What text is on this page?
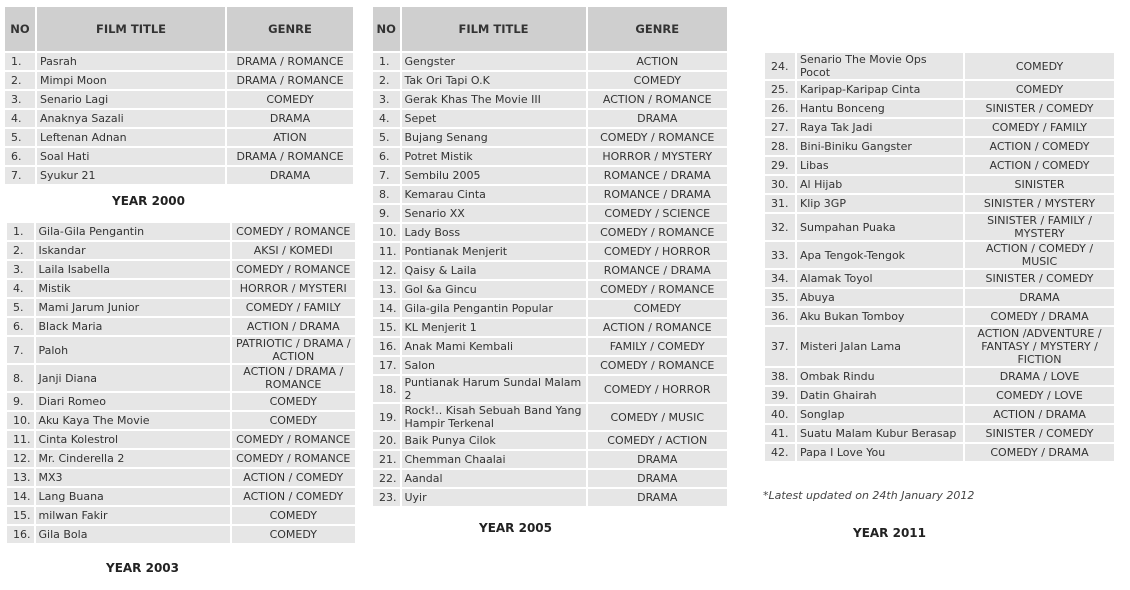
NO	FILM TITLE	GENRE
1.	Pasrah	DRAMA / ROMANCE
2.	Mimpi Moon	DRAMA / ROMANCE
3.	Senario Lagi	COMEDY
4.	Anaknya Sazali	DRAMA
5.	Leftenan Adnan	ATION
6.	Soal Hati	DRAMA / ROMANCE
7.	Syukur 21	DRAMA
YEAR 2000
1.	Gila-Gila Pengantin	COMEDY / ROMANCE
2.	Iskandar	AKSI / KOMEDI
3.	Laila Isabella	COMEDY / ROMANCE
4.	Mistik	HORROR / MYSTERI
5.	Mami Jarum Junior	COMEDY / FAMILY
6.	Black Maria	ACTION / DRAMA
7.	Paloh	PATRIOTIC / DRAMA / ACTION
8.	Janji Diana	ACTION / DRAMA / ROMANCE
9.	Diari Romeo	COMEDY
10.	Aku Kaya The Movie	COMEDY
11.	Cinta Kolestrol	COMEDY / ROMANCE
12.	Mr. Cinderella 2	COMEDY / ROMANCE
13.	MX3	ACTION / COMEDY
14.	Lang Buana	ACTION / COMEDY
15.	milwan Fakir	COMEDY
16.	Gila Bola	COMEDY
YEAR 2003
NO	FILM TITLE	GENRE
1.	Gengster	ACTION
2.	Tak Ori Tapi O.K	COMEDY
3.	Gerak Khas The Movie III	ACTION / ROMANCE
4.	Sepet	DRAMA
5.	Bujang Senang	COMEDY / ROMANCE
6.	Potret Mistik	HORROR / MYSTERY
7.	Sembilu 2005	ROMANCE / DRAMA
8.	Kemarau Cinta	ROMANCE / DRAMA
9.	Senario XX	COMEDY / SCIENCE
10.	Lady Boss	COMEDY / ROMANCE
11.	Pontianak Menjerit	COMEDY / HORROR
12.	Qaisy & Laila	ROMANCE / DRAMA
13.	Gol &a Gincu	COMEDY / ROMANCE
14.	Gila-gila Pengantin Popular	COMEDY
15.	KL Menjerit 1	ACTION / ROMANCE
16.	Anak Mami Kembali	FAMILY / COMEDY
17.	Salon	COMEDY / ROMANCE
18.	Puntianak Harum Sundal Malam 2	COMEDY / HORROR
19.	Rock!.. Kisah Sebuah Band Yang Hampir Terkenal	COMEDY / MUSIC
20.	Baik Punya Cilok	COMEDY / ACTION
21.	Chemman Chaalai	DRAMA
22.	Aandal	DRAMA
23.	Uyir	DRAMA
YEAR 2005
24.	Senario The Movie Ops Pocot	COMEDY
25.	Karipap-Karipap Cinta	COMEDY
26.	Hantu Bonceng	SINISTER / COMEDY
27.	Raya Tak Jadi	COMEDY / FAMILY
28.	Bini-Biniku Gangster	ACTION / COMEDY
29.	Libas	ACTION / COMEDY
30.	Al Hijab	SINISTER
31.	Klip 3GP	SINISTER / MYSTERY
32.	Sumpahan Puaka	SINISTER / FAMILY / MYSTERY
33.	Apa Tengok-Tengok	ACTION / COMEDY / MUSIC
34.	Alamak Toyol	SINISTER / COMEDY
35.	Abuya	DRAMA
36.	Aku Bukan Tomboy	COMEDY / DRAMA
37.	Misteri Jalan Lama	ACTION /ADVENTURE / FANTASY / MYSTERY / FICTION
38.	Ombak Rindu	DRAMA / LOVE
39.	Datin Ghairah	COMEDY / LOVE
40.	Songlap	ACTION / DRAMA
41.	Suatu Malam Kubur Berasap	SINISTER / COMEDY
42.	Papa I Love You	COMEDY / DRAMA
*Latest updated on 24th January 2012
YEAR 2011
